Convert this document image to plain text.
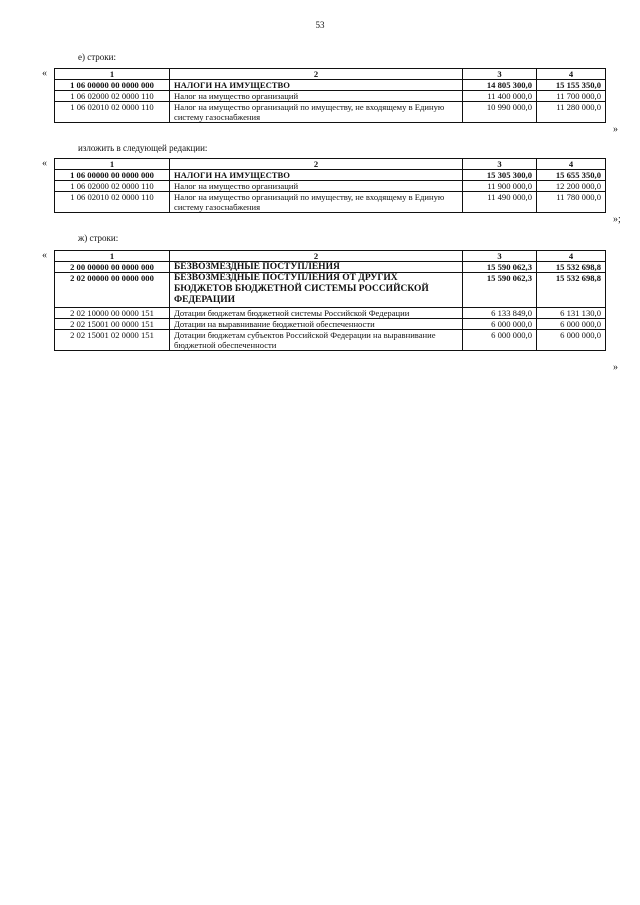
53
е) строки:
«	1	2	3	4
1 06 00000 00 0000 000	НАЛОГИ НА ИМУЩЕСТВО	14 805 300,0	15 155 350,0
1 06 02000 02 0000 110	Налог на имущество организаций	11 400 000,0	11 700 000,0
1 06 02010 02 0000 110	Налог на имущество организаций по имуществу, не входящему в Единую систему газоснабжения	10 990 000,0	11 280 000,0
»
изложить в следующей редакции:
«	1	2	3	4
1 06 00000 00 0000 000	НАЛОГИ НА ИМУЩЕСТВО	15 305 300,0	15 655 350,0
1 06 02000 02 0000 110	Налог на имущество организаций	11 900 000,0	12 200 000,0
1 06 02010 02 0000 110	Налог на имущество организаций по имуществу, не входящему в Единую систему газоснабжения	11 490 000,0	11 780 000,0
»;
ж) строки:
«	1	2	3	4
2 00 00000 00 0000 000	БЕЗВОЗМЕЗДНЫЕ ПОСТУПЛЕНИЯ	15 590 062,3	15 532 698,8
2 02 00000 00 0000 000	БЕЗВОЗМЕЗДНЫЕ ПОСТУПЛЕНИЯ ОТ ДРУГИХ БЮДЖЕТОВ БЮДЖЕТНОЙ СИСТЕМЫ РОССИЙСКОЙ ФЕДЕРАЦИИ	15 590 062,3	15 532 698,8
2 02 10000 00 0000 151	Дотации бюджетам бюджетной системы Российской Федерации	6 133 849,0	6 131 130,0
2 02 15001 00 0000 151	Дотации на выравнивание бюджетной обеспеченности	6 000 000,0	6 000 000,0
2 02 15001 02 0000 151	Дотации бюджетам субъектов Российской Федерации на выравнивание бюджетной обеспеченности	6 000 000,0	6 000 000,0
»
